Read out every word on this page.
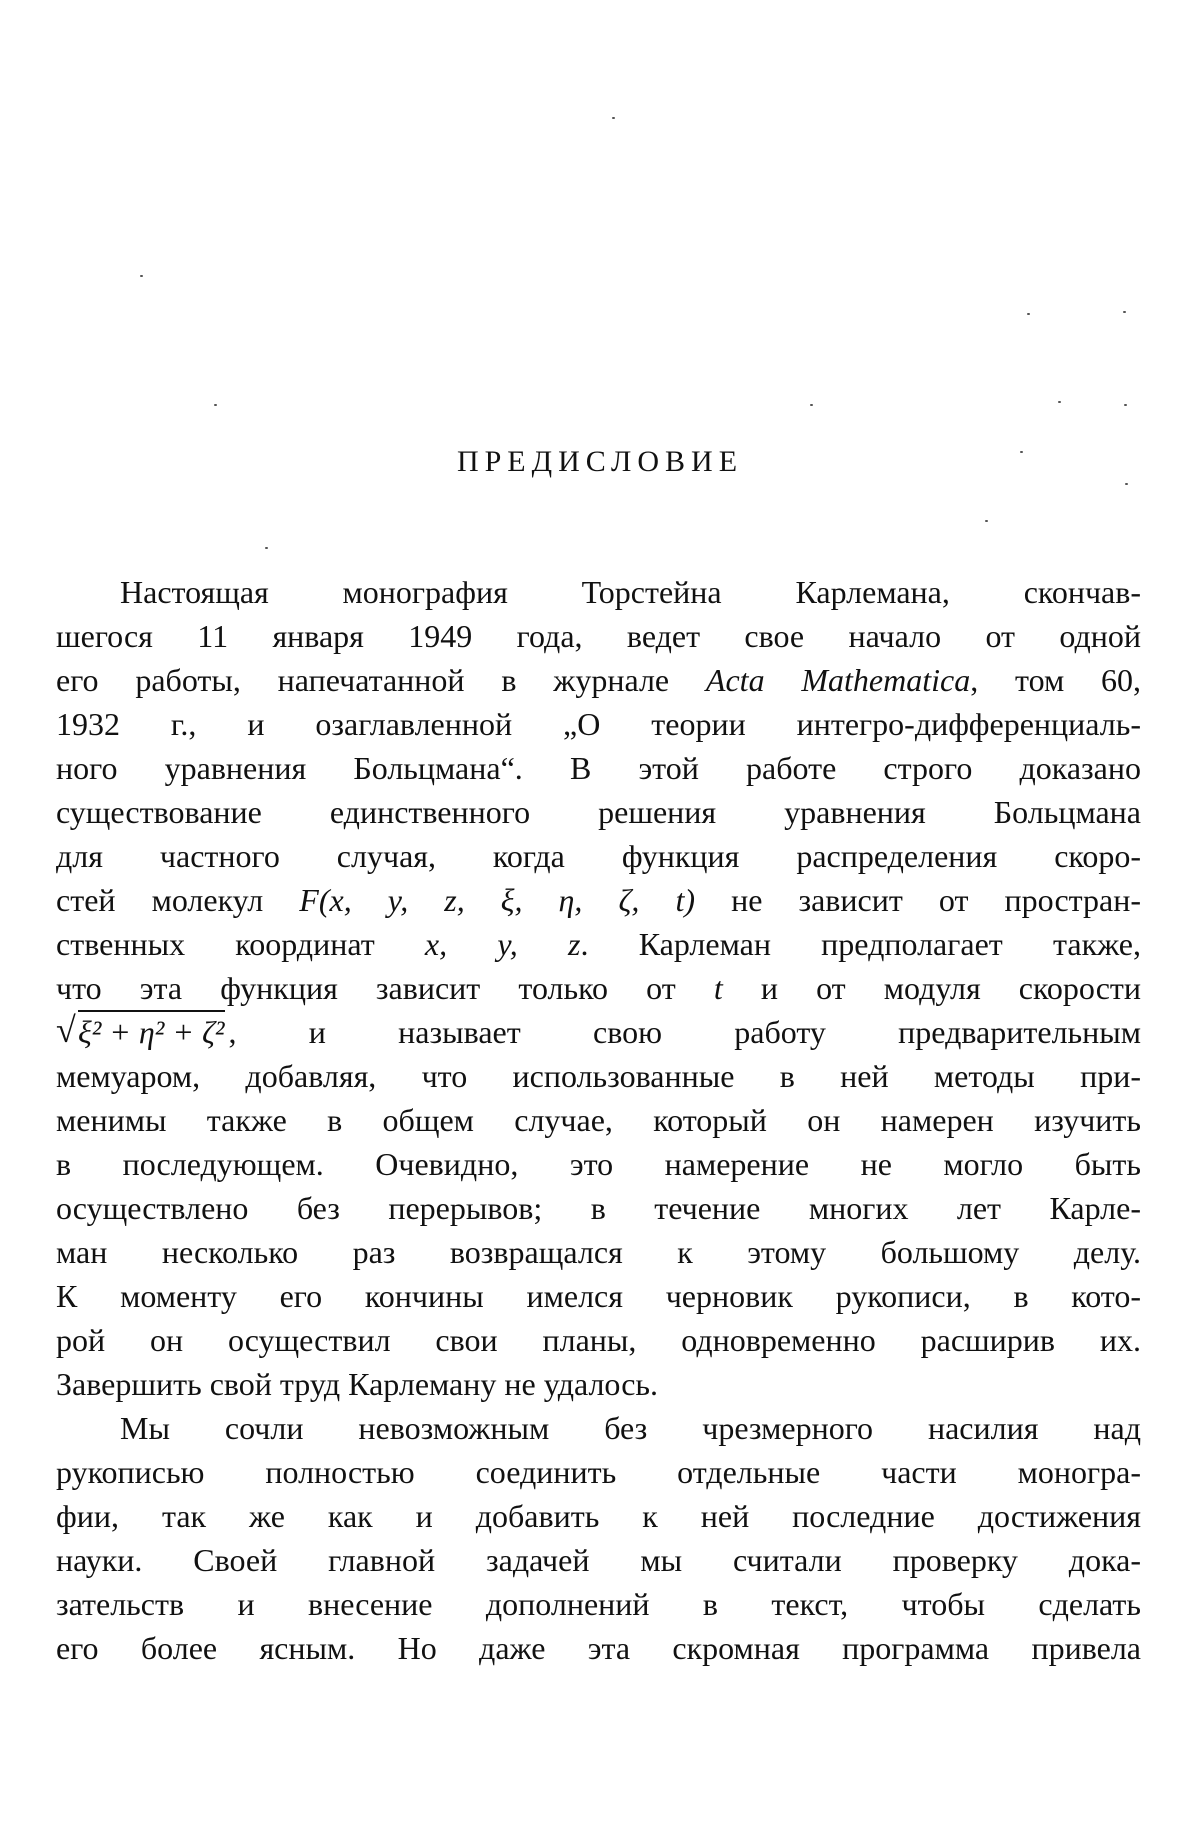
ПРЕДИСЛОВИЕ
Настоящая монография Торстейна Карлемана, скончав-
шегося 11 января 1949 года, ведет свое начало от одной
его работы, напечатанной в журнале Acta Mathematica, том 60,
1932 г., и озаглавленной „О теории интегро-дифференциаль-
ного уравнения Больцмана“. В этой работе строго доказано
существование единственного решения уравнения Больцмана
для частного случая, когда функция распределения скоро-
стей молекул F(x, y, z, ξ, η, ζ, t) не зависит от простран-
ственных координат x, y, z. Карлеман предполагает также,
что эта функция зависит только от t и от модуля скорости
√ ξ² + η² + ζ² , и называет свою работу предварительным
мемуаром, добавляя, что использованные в ней методы при-
менимы также в общем случае, который он намерен изучить
в последующем. Очевидно, это намерение не могло быть
осуществлено без перерывов; в течение многих лет Карле-
ман несколько раз возвращался к этому большому делу.
К моменту его кончины имелся черновик рукописи, в кото-
рой он осуществил свои планы, одновременно расширив их.
Завершить свой труд Карлеману не удалось.
Мы сочли невозможным без чрезмерного насилия над
рукописью полностью соединить отдельные части моногра-
фии, так же как и добавить к ней последние достижения
науки. Своей главной задачей мы считали проверку дока-
зательств и внесение дополнений в текст, чтобы сделать
его более ясным. Но даже эта скромная программа привела
